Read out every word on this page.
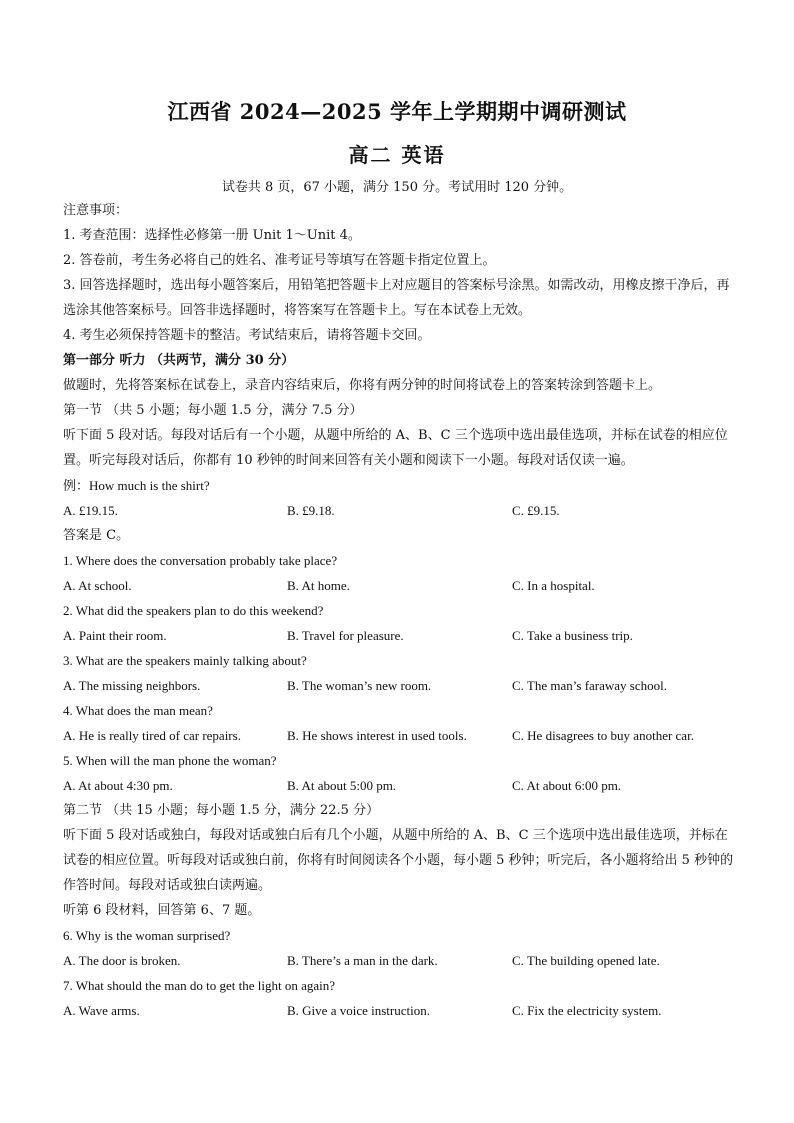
江西省 2024—2025 学年上学期期中调研测试
高二 英语
试卷共 8 页，67 小题，满分 150 分。考试用时 120 分钟。
注意事项：
1. 考查范围：选择性必修第一册 Unit 1～Unit 4。
2. 答卷前，考生务必将自己的姓名、准考证号等填写在答题卡指定位置上。
3. 回答选择题时，选出每小题答案后，用铅笔把答题卡上对应题目的答案标号涂黑。如需改动，用橡皮擦干净后，再选涂其他答案标号。回答非选择题时，将答案写在答题卡上。写在本试卷上无效。
4. 考生必须保持答题卡的整洁。考试结束后，请将答题卡交回。
第一部分 听力 （共两节，满分 30 分）
做题时，先将答案标在试卷上，录音内容结束后，你将有两分钟的时间将试卷上的答案转涂到答题卡上。
第一节 （共 5 小题；每小题 1.5 分，满分 7.5 分）
听下面 5 段对话。每段对话后有一个小题，从题中所给的 A、B、C 三个选项中选出最佳选项，并标在试卷的相应位置。听完每段对话后，你都有 10 秒钟的时间来回答有关小题和阅读下一小题。每段对话仅读一遍。
例：How much is the shirt?
A. £19.15.	B. £9.18.	C. £9.15.
答案是 C。
1. Where does the conversation probably take place?
A. At school.	B. At home.	C. In a hospital.
2. What did the speakers plan to do this weekend?
A. Paint their room.	B. Travel for pleasure.	C. Take a business trip.
3. What are the speakers mainly talking about?
A. The missing neighbors.	B. The woman’s new room.	C. The man’s faraway school.
4. What does the man mean?
A. He is really tired of car repairs.	B. He shows interest in used tools.	C. He disagrees to buy another car.
5. When will the man phone the woman?
A. At about 4:30 pm.	B. At about 5:00 pm.	C. At about 6:00 pm.
第二节 （共 15 小题；每小题 1.5 分，满分 22.5 分）
听下面 5 段对话或独白，每段对话或独白后有几个小题，从题中所给的 A、B、C 三个选项中选出最佳选项，并标在试卷的相应位置。听每段对话或独白前，你将有时间阅读各个小题，每小题 5 秒钟；听完后，各小题将给出 5 秒钟的作答时间。每段对话或独白读两遍。
听第 6 段材料，回答第 6、7 题。
6. Why is the woman surprised?
A. The door is broken.	B. There’s a man in the dark.	C. The building opened late.
7. What should the man do to get the light on again?
A. Wave arms.	B. Give a voice instruction.	C. Fix the electricity system.
